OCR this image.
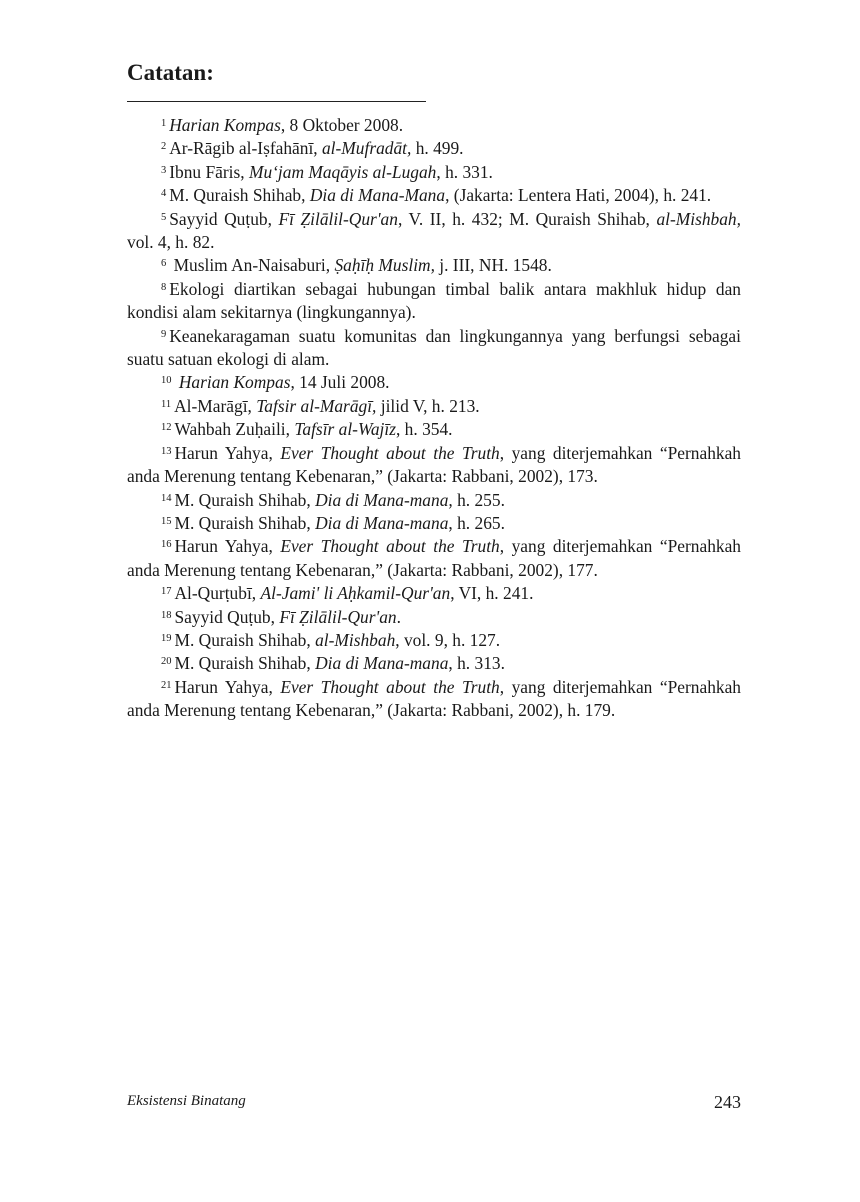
Catatan:

$^1$ Harian Kompas, 8 Oktober 2008.

$^2$ Ar-Rāgib al-Iṣfahānī, al-Mufradāt, h. 499.

$^3$ Ibnu Fāris, Mu‘jam Maqāyis al-Lugah, h. 331.

$^4$ M. Quraish Shihab, Dia di Mana-Mana, (Jakarta: Lentera Hati, 2004), h. 241.

$^5$ Sayyid Quṭub, Fī Ẓilālil-Qur'an, V. II, h. 432; M. Quraish Shihab, al-Mishbah, vol. 4, h. 82.

$^6$ Muslim An-Naisaburi, Ṣaḥīḥ Muslim, j. III, NH. 1548.

$^8$ Ekologi diartikan sebagai hubungan timbal balik antara makhluk hidup dan kondisi alam sekitarnya (lingkungannya).

$^9$ Keanekaragaman suatu komunitas dan lingkungannya yang berfungsi sebagai suatu satuan ekologi di alam.

$^{10}$ Harian Kompas, 14 Juli 2008.

$^{11}$ Al-Marāgī, Tafsir al-Marāgī, jilid V, h. 213.

$^{12}$ Wahbah Zuḥaili, Tafsīr al-Wajīz, h. 354.

$^{13}$ Harun Yahya, Ever Thought about the Truth, yang diterjemahkan “Pernahkah anda Merenung tentang Kebenaran,” (Jakarta: Rabbani, 2002), 173.

$^{14}$ M. Quraish Shihab, Dia di Mana-mana, h. 255.

$^{15}$ M. Quraish Shihab, Dia di Mana-mana, h. 265.

$^{16}$ Harun Yahya, Ever Thought about the Truth, yang diterjemahkan “Pernahkah anda Merenung tentang Kebenaran,” (Jakarta: Rabbani, 2002), 177.

$^{17}$ Al-Qurṭubī, Al-Jami' li Aḥkamil-Qur'an, VI, h. 241.

$^{18}$ Sayyid Quṭub, Fī Ẓilālil-Qur'an.

$^{19}$ M. Quraish Shihab, al-Mishbah, vol. 9, h. 127.

$^{20}$ M. Quraish Shihab, Dia di Mana-mana, h. 313.

$^{21}$ Harun Yahya, Ever Thought about the Truth, yang diterjemahkan “Pernahkah anda Merenung tentang Kebenaran,” (Jakarta: Rabbani, 2002), h. 179.

Eksistensi Binatang	243
